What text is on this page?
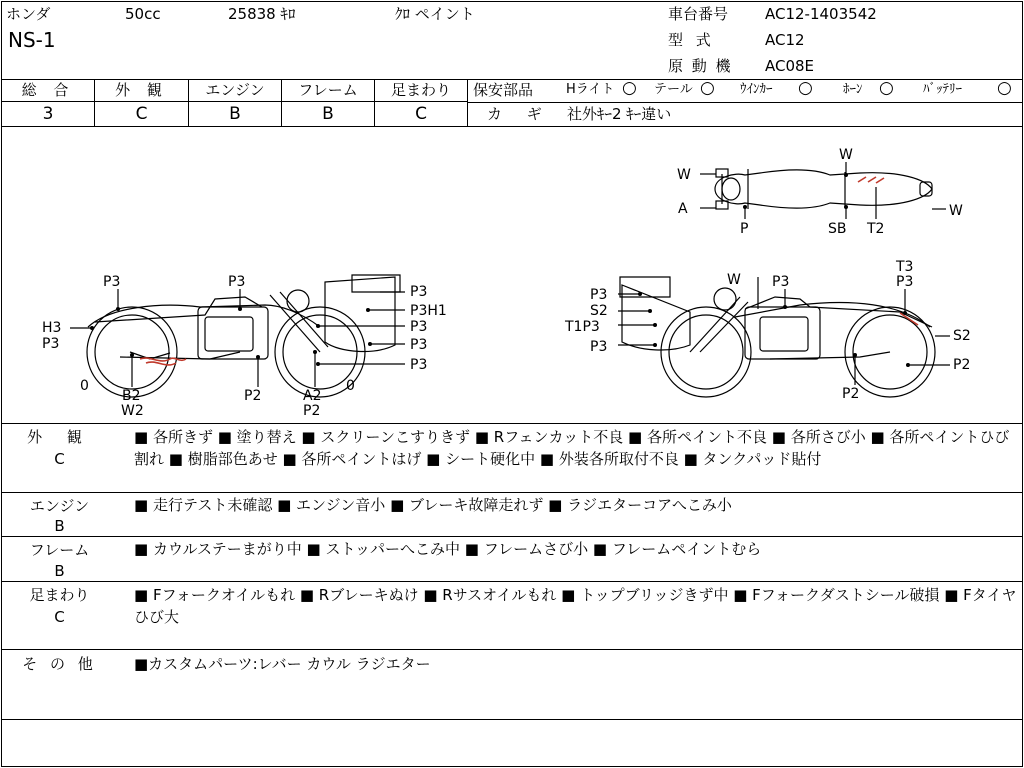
ホンダ	50cc	25838 ｷﾛ	ｸﾛ ペイント
NS-1
車台番号 AC12-1403542
型 式	AC12
原 動 機 AC08E
総 合	外 観	エンジン	フレーム	足まわり
3	C	B	B	C
保安部品	Hライト ○ テール ○ ｳｲﾝｶｰ ○ ﾎｰﾝ ○ ﾊﾞｯﾃﾘｰ ○
カ ギ 社外ｷｰ2 ｷｰ違い
W
A
P
W
SB T2
W
P3	P3
H3
P3
0
B2
W2
P2
P3
P3H1
P3
P3
P3
A2
P2
0
P3
S2
T1P3
P3
W P3
T3
P3
S2
P2
P2
外 観
C
■ 各所きず ■ 塗り替え ■ スクリーンこすりきず ■ Rフェンカット不良 ■ 各所ペイント不良 ■ 各所さび小 ■ 各所ペイントひび割れ ■ 樹脂部色あせ ■ 各所ペイントはげ ■ シート硬化中 ■ 外装各所取付不良 ■ タンクパッド貼付
エンジン
B
■ 走行テスト未確認 ■ エンジン音小 ■ ブレーキ故障走れず ■ ラジエターコアへこみ小
フレーム
B
■ カウルステーまがり中 ■ ストッパーへこみ中 ■ フレームさび小 ■ フレームペイントむら
足まわり
C
■ Fフォークオイルもれ ■ Rブレーキぬけ ■ Rサスオイルもれ ■ トップブリッジきず中 ■ Fフォークダストシール破損 ■ Fタイヤひび大
そ の 他	■カスタムパーツ:レバー カウル ラジエター
